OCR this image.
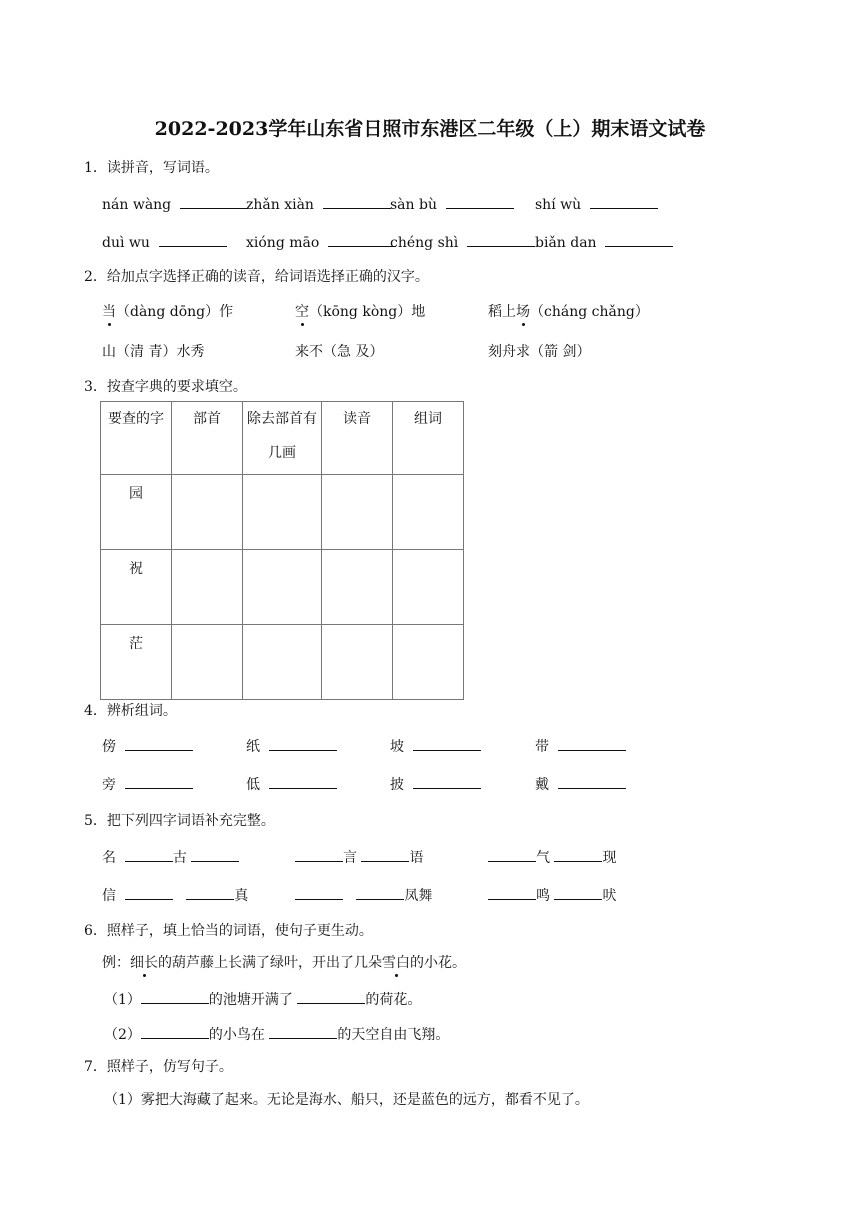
2022-2023学年山东省日照市东港区二年级（上）期末语文试卷
1．读拼音，写词语。
nán wàng	zhǎn xiàn	sàn bù	shí wù
duì wu	xióng māo	chéng shì	biǎn dan
2．给加点字选择正确的读音，给词语选择正确的汉字。
当（dàng dōng）作	空（kōng kòng）地	稻上场（cháng chǎng）
山（清 青）水秀	来不（急 及）	刻舟求（箭 剑）
3．按查字典的要求填空。
要查的字	部首	除去部首有几画	读音	组词
园				
祝				
茫				
4．辨析组词。
傍	纸	坡	带
旁	低	披	戴
5．把下列四字词语补充完整。
名	古	言	语	气	现
信	真	凤舞	鸣	吠
6．照样子，填上恰当的词语，使句子更生动。
例：细长的葫芦藤上长满了绿叶，开出了几朵雪白的小花。
（1）	的池塘开满了	的荷花。
（2）	的小鸟在	的天空自由飞翔。
7．照样子，仿写句子。
（1）雾把大海藏了起来。无论是海水、船只，还是蓝色的远方，都看不见了。
